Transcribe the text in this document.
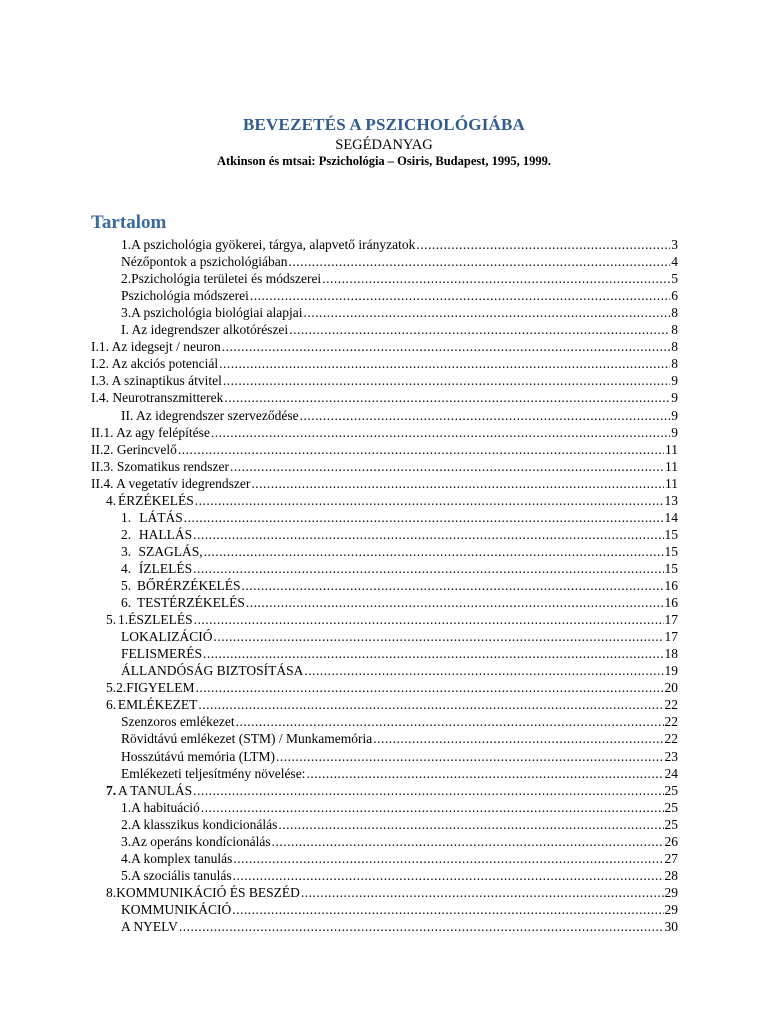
BEVEZETÉS A PSZICHOLÓGIÁBA
SEGÉDANYAG
Atkinson és mtsai: Pszichológia – Osiris, Budapest, 1995, 1999.
Tartalom
1. A pszichológia gyökerei, tárgya, alapvető irányzatok .....	3
Nézőpontok a pszichológiában .....	4
2. Pszichológia területei és módszerei .....	5
Pszichológia módszerei .....	6
3. A pszichológia biológiai alapjai .....	8
I. Az idegrendszer alkotórészei .....	8
I.1. Az idegsejt / neuron .....	8
I.2. Az akciós potenciál .....	8
I.3. A szinaptikus átvitel .....	9
I.4. Neurotranszmitterek .....	9
II. Az idegrendszer szerveződése .....	9
II.1. Az agy felépítése .....	9
II.2. Gerincvelő .....	11
II.3. Szomatikus rendszer .....	11
II.4. A vegetatív idegrendszer .....	11
4. ÉRZÉKELÉS .....	13
1. LÁTÁS .....	14
2. HALLÁS .....	15
3. SZAGLÁS, .....	15
4. ÍZLELÉS .....	15
5. BŐRÉRZÉKELÉS .....	16
6. TESTÉRZÉKELÉS .....	16
5. 1.ÉSZLELÉS .....	17
LOKALIZÁCIÓ .....	17
FELISMERÉS .....	18
ÁLLANDÓSÁG BIZTOSÍTÁSA .....	19
5.2.FIGYELEM .....	20
6. EMLÉKEZET .....	22
Szenzoros emlékezet .....	22
Rövidtávú emlékezet (STM) / Munkamemória .....	22
Hosszútávú memória (LTM) .....	23
Emlékezeti teljesítmény növelése: .....	24
7. A TANULÁS .....	25
1.A habituáció .....	25
2.A klasszikus kondicionálás .....	25
3.Az operáns kondícionálás .....	26
4.A komplex tanulás .....	27
5.A szociális tanulás .....	28
8. KOMMUNIKÁCIÓ ÉS BESZÉD .....	29
KOMMUNIKÁCIÓ .....	29
A NYELV .....	30
